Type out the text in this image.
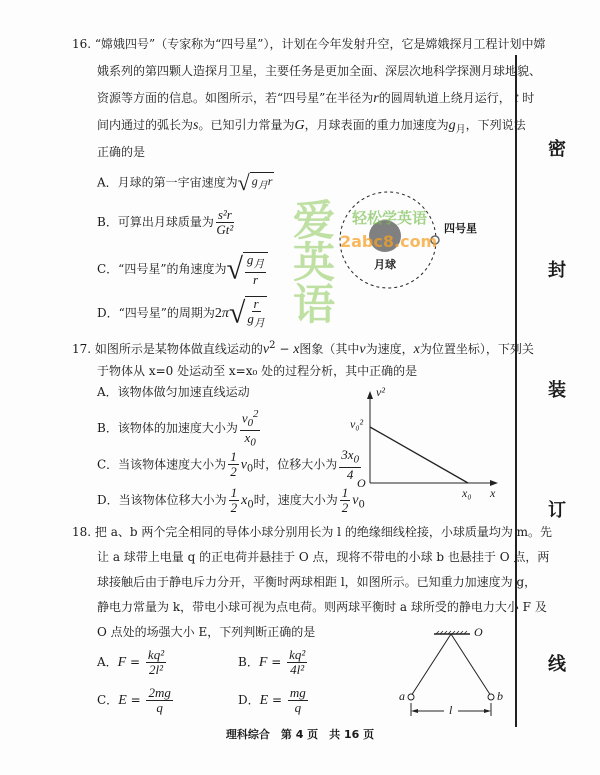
密
封
装
订
线
16. “嫦娥四号”（专家称为“四号星”），计划在今年发射升空，它是嫦娥探月工程计划中嫦
娥系列的第四颗人造探月卫星，主要任务是更加全面、深层次地科学探测月球地貌、
资源等方面的信息。如图所示，若“四号星”在半径为r的圆周轨道上绕月运行， t 时
间内通过的弧长为s。已知引力常量为G，月球表面的重力加速度为$g_月$，下列说法
正确的是
A．月球的第一宇宙速度为√ $g_月r$
B．可算出月球质量为 $\frac{\text{s²r}}{\text{Gt²}}$
C．“四号星”的角速度为√ $\frac{g_月}{r}$
D．“四号星”的周期为$2\pi√ \frac{r}{g_月}$ 爱英语 轻松学英语
2abc8.com
月球
四号星
17. 如图所示是某物体做直线运动的$v^2 - x$图象（其中v为速度，x为位置坐标），下列关
于物体从 x=0 处运动至 x=x₀ 处的过程分析，其中正确的是
A．该物体做匀加速直线运动
B．该物体的加速度大小为 $\frac{v_0^2}{x_0}$
C．当该物体速度大小为 $\frac{1}{2} v_0$时，位移大小为 $\frac{3x_0}{4}$
D．当该物体位移大小为 $\frac{1}{2} x_0$时，速度大小为 $\frac{1}{2} v_0$
v²
v₀²
O
x₀ x
18. 把 a、b 两个完全相同的导体小球分别用长为 l 的绝缘细线栓接，小球质量均为 m。先
让 a 球带上电量 q 的正电荷并悬挂于 O 点，现将不带电的小球 b 也悬挂于 O 点，两
球接触后由于静电斥力分开，平衡时两球相距 l，如图所示。已知重力加速度为 g，
静电力常量为 k，带电小球可视为点电荷。则两球平衡时 a 球所受的静电力大小 F 及
O 点处的场强大小 E，下列判断正确的是
A．$F = \frac{\text{kq²}}{\text{2l²}}$	B．$F = \frac{\text{kq²}}{\text{4l²}}$
C．$E = \frac{2mg}{q}$	D．$E = \frac{mg}{q}$
O
a	b
l
理科综合　第 4 页　共 16 页
